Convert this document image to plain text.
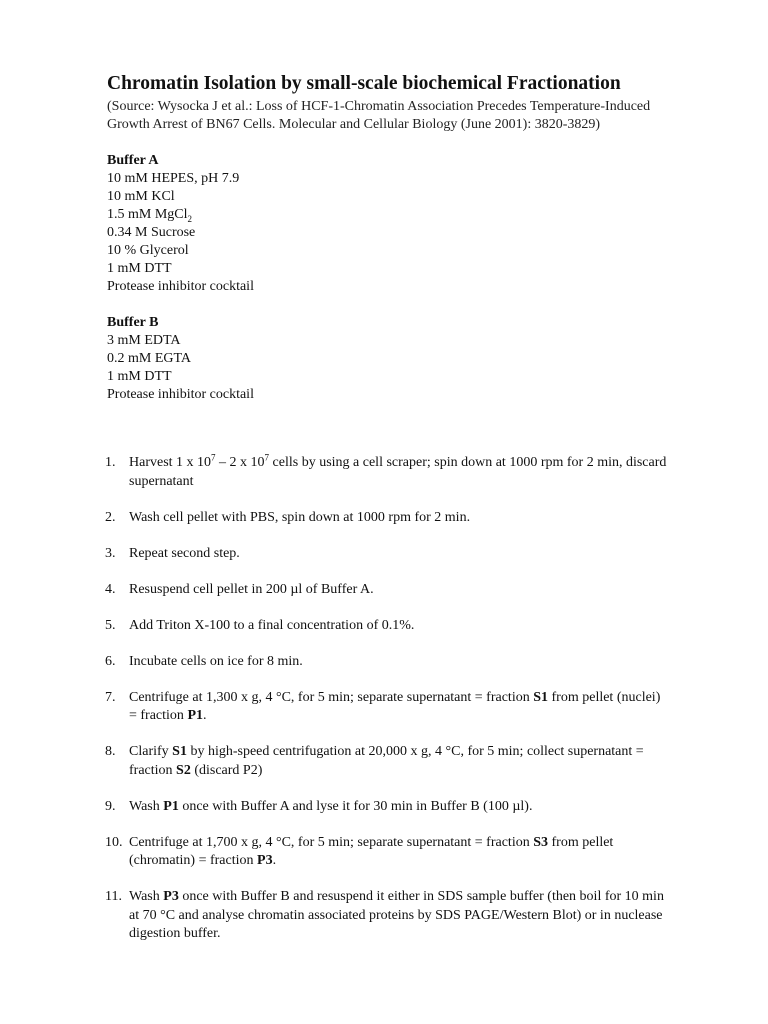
Chromatin Isolation by small-scale biochemical Fractionation

(Source: Wysocka J et al.: Loss of HCF-1-Chromatin Association Precedes Temperature-Induced Growth Arrest of BN67 Cells. Molecular and Cellular Biology (June 2001): 3820-3829)

Buffer A
10 mM HEPES, pH 7.9
10 mM KCl
1.5 mM MgCl$_2$
0.34 M Sucrose
10 % Glycerol
1 mM DTT
Protease inhibitor cocktail
Buffer B
3 mM EDTA
0.2 mM EGTA
1 mM DTT
Protease inhibitor cocktail
1. Harvest 1 x $10^7 - 2$ x $10^7$ cells by using a cell scraper; spin down at 1000 rpm for 2 min, discard supernatant
2. Wash cell pellet with PBS, spin down at 1000 rpm for 2 min.
3. Repeat second step.
4. Resuspend cell pellet in 200 µl of Buffer A.
5. Add Triton X-100 to a final concentration of 0.1%.
6. Incubate cells on ice for 8 min.
7. Centrifuge at 1,300 x g, 4 °C, for 5 min; separate supernatant = fraction S1 from pellet (nuclei) = fraction P1.
8. Clarify S1 by high-speed centrifugation at 20,000 x g, 4 °C, for 5 min; collect supernatant = fraction S2 (discard P2)
9. Wash P1 once with Buffer A and lyse it for 30 min in Buffer B (100 µl).
10. Centrifuge at 1,700 x g, 4 °C, for 5 min; separate supernatant = fraction S3 from pellet (chromatin) = fraction P3.
11. Wash P3 once with Buffer B and resuspend it either in SDS sample buffer (then boil for 10 min at 70 °C and analyse chromatin associated proteins by SDS PAGE/Western Blot) or in nuclease digestion buffer.
